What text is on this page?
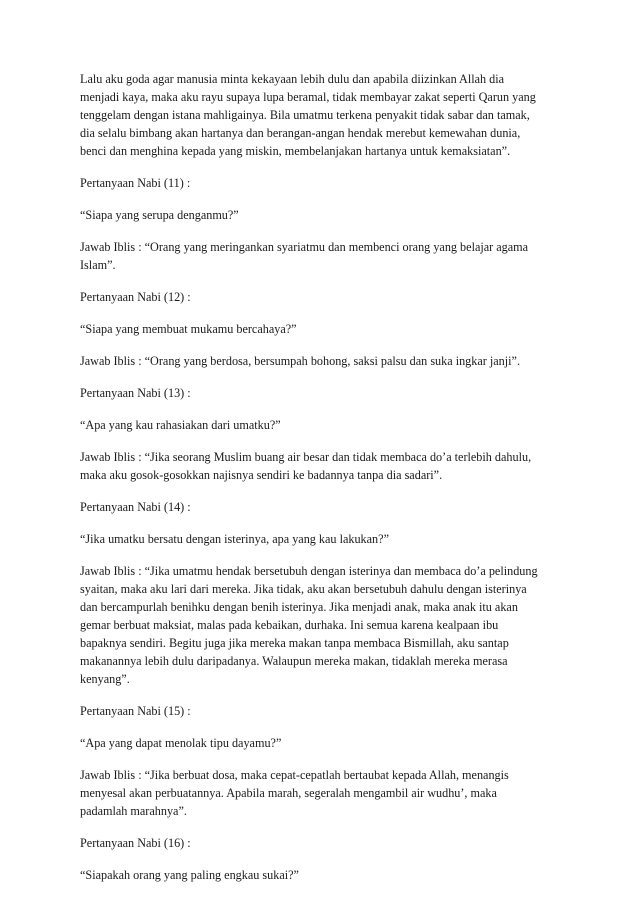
Lalu aku goda agar manusia minta kekayaan lebih dulu dan apabila diizinkan Allah dia
menjadi kaya, maka aku rayu supaya lupa beramal, tidak membayar zakat seperti Qarun yang
tenggelam dengan istana mahligainya. Bila umatmu terkena penyakit tidak sabar dan tamak,
dia selalu bimbang akan hartanya dan berangan-angan hendak merebut kemewahan dunia,
benci dan menghina kepada yang miskin, membelanjakan hartanya untuk kemaksiatan”.

Pertanyaan Nabi (11) :

“Siapa yang serupa denganmu?”

Jawab Iblis : “Orang yang meringankan syariatmu dan membenci orang yang belajar agama
Islam”.

Pertanyaan Nabi (12) :

“Siapa yang membuat mukamu bercahaya?”

Jawab Iblis : “Orang yang berdosa, bersumpah bohong, saksi palsu dan suka ingkar janji”.

Pertanyaan Nabi (13) :

“Apa yang kau rahasiakan dari umatku?”

Jawab Iblis : “Jika seorang Muslim buang air besar dan tidak membaca do’a terlebih dahulu,
maka aku gosok-gosokkan najisnya sendiri ke badannya tanpa dia sadari”.

Pertanyaan Nabi (14) :

“Jika umatku bersatu dengan isterinya, apa yang kau lakukan?”

Jawab Iblis : “Jika umatmu hendak bersetubuh dengan isterinya dan membaca do’a pelindung
syaitan, maka aku lari dari mereka. Jika tidak, aku akan bersetubuh dahulu dengan isterinya
dan bercampurlah benihku dengan benih isterinya. Jika menjadi anak, maka anak itu akan
gemar berbuat maksiat, malas pada kebaikan, durhaka. Ini semua karena kealpaan ibu
bapaknya sendiri. Begitu juga jika mereka makan tanpa membaca Bismillah, aku santap
makanannya lebih dulu daripadanya. Walaupun mereka makan, tidaklah mereka merasa
kenyang”.

Pertanyaan Nabi (15) :

“Apa yang dapat menolak tipu dayamu?”

Jawab Iblis : “Jika berbuat dosa, maka cepat-cepatlah bertaubat kepada Allah, menangis
menyesal akan perbuatannya. Apabila marah, segeralah mengambil air wudhu’, maka
padamlah marahnya”.

Pertanyaan Nabi (16) :

“Siapakah orang yang paling engkau sukai?”
